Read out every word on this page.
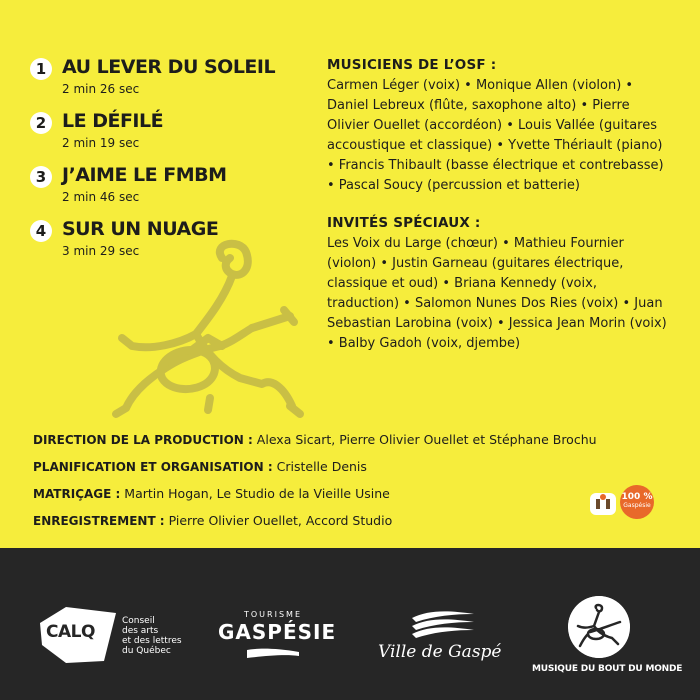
1 AU LEVER DU SOLEIL
2 min 26 sec
2 LE DÉFILÉ
2 min 19 sec
3 J’AIME LE FMBM
2 min 46 sec
4 SUR UN NUAGE
3 min 29 sec
MUSICIENS DE L’OSF :
Carmen Léger (voix) • Monique Allen (violon) • Daniel Lebreux (flûte, saxophone alto) • Pierre Olivier Ouellet (accordéon) • Louis Vallée (guitares accoustique et classique) • Yvette Thériault (piano) • Francis Thibault (basse électrique et contrebasse) • Pascal Soucy (percussion et batterie)
INVITÉS SPÉCIAUX :
Les Voix du Large (chœur) • Mathieu Fournier (violon) • Justin Garneau (guitares électrique, classique et oud) • Briana Kennedy (voix, traduction) • Salomon Nunes Dos Ries (voix) • Juan Sebastian Larobina (voix) • Jessica Jean Morin (voix) • Balby Gadoh (voix, djembe)
DIRECTION DE LA PRODUCTION : Alexa Sicart, Pierre Olivier Ouellet et Stéphane Brochu
PLANIFICATION ET ORGANISATION : Cristelle Denis
MATRIÇAGE : Martin Hogan, Le Studio de la Vieille Usine
ENREGISTREMENT : Pierre Olivier Ouellet, Accord Studio
100 %
Gaspésie
CALQ
Conseil
des arts
et des lettres
du Québec
TOURISME
GASPÉSIE
Ville de Gaspé
MUSIQUE DU BOUT DU MONDE
